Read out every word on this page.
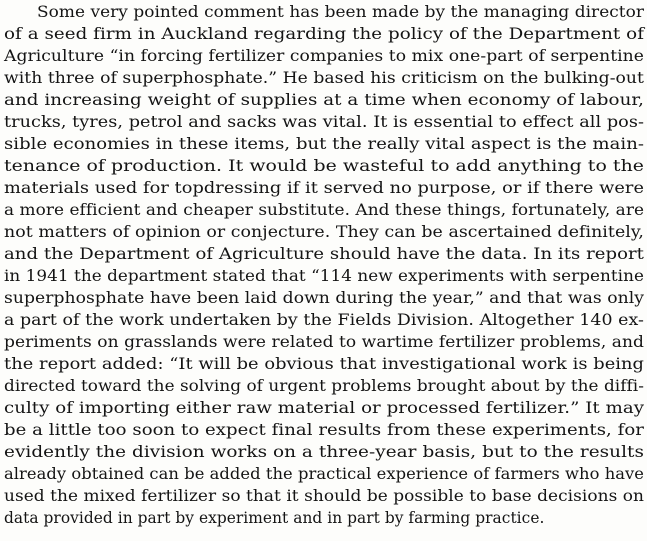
Some very pointed comment has been made by the managing director
of a seed firm in Auckland regarding the policy of the Department of
Agriculture “in forcing fertilizer companies to mix one-part of serpentine
with three of superphosphate.” He based his criticism on the bulking-out
and increasing weight of supplies at a time when economy of labour,
trucks, tyres, petrol and sacks was vital. It is essential to effect all pos-
sible economies in these items, but the really vital aspect is the main-
tenance of production. It would be wasteful to add anything to the
materials used for topdressing if it served no purpose, or if there were
a more efficient and cheaper substitute. And these things, fortunately, are
not matters of opinion or conjecture. They can be ascertained definitely,
and the Department of Agriculture should have the data. In its report
in 1941 the department stated that “114 new experiments with serpentine
superphosphate have been laid down during the year,” and that was only
a part of the work undertaken by the Fields Division. Altogether 140 ex-
periments on grasslands were related to wartime fertilizer problems, and
the report added: “It will be obvious that investigational work is being
directed toward the solving of urgent problems brought about by the diffi-
culty of importing either raw material or processed fertilizer.” It may
be a little too soon to expect final results from these experiments, for
evidently the division works on a three-year basis, but to the results
already obtained can be added the practical experience of farmers who have
used the mixed fertilizer so that it should be possible to base decisions on
data provided in part by experiment and in part by farming practice.
